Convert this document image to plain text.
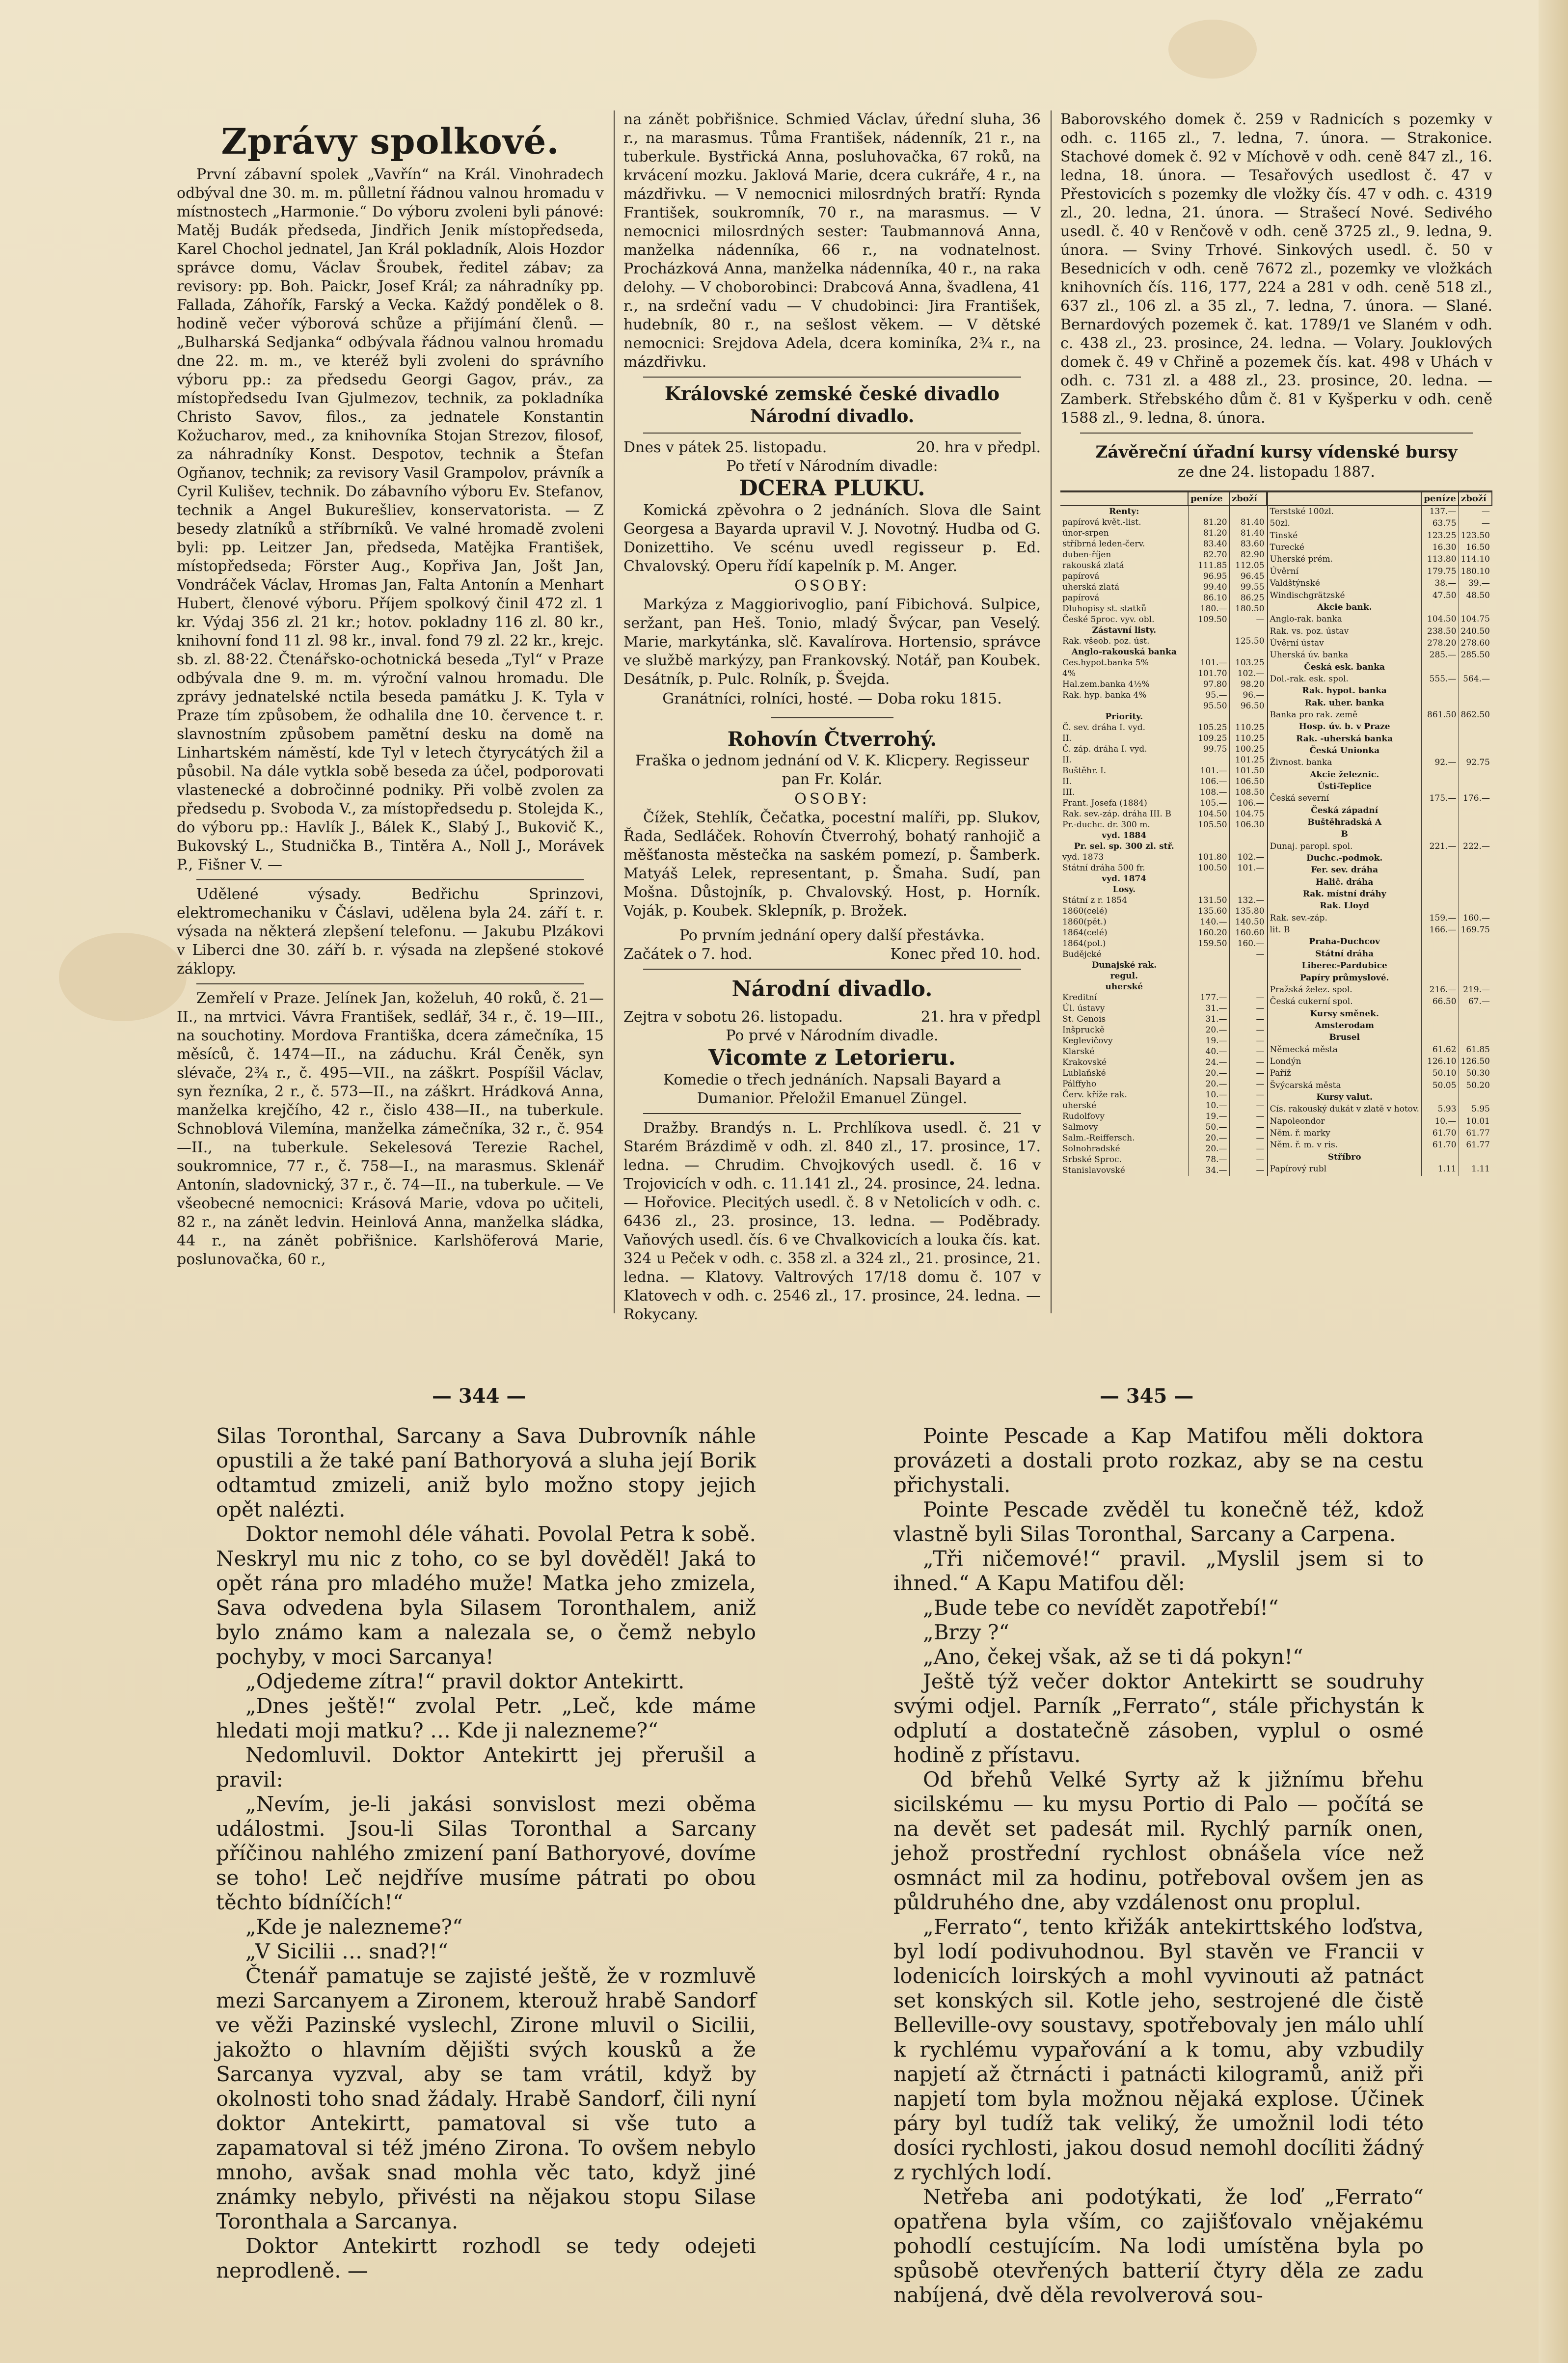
Zprávy spolkové.

První zábavní spolek „Vavřín“ na Král. Vinohradech odbýval dne 30. m. m. půlletní řádnou valnou hromadu v místnostech „Harmonie.“ Do výboru zvoleni byli pánové: Matěj Budák předseda, Jindřich Jenik místopředseda, Karel Chochol jednatel, Jan Král pokladník, Alois Hozdor správce domu, Václav Šroubek, ředitel zábav; za revisory: pp. Boh. Paickr, Josef Král; za náhradníky pp. Fallada, Záhořík, Farský a Vecka. Každý pondělek o 8. hodině večer výborová schůze a přijímání členů. — „Bulharská Sedjanka“ odbývala řádnou valnou hromadu dne 22. m. m., ve kteréž byli zvoleni do správního výboru pp.: za předsedu Georgi Gagov, práv., za místopředsedu Ivan Gjulmezov, technik, za pokladníka Christo Savov, filos., za jednatele Konstantin Kožucharov, med., za knihovníka Stojan Strezov, filosof, za náhradníky Konst. Despotov, technik a Štefan Ogňanov, technik; za revisory Vasil Grampolov, právník a Cyril Kulišev, technik. Do zábavního výboru Ev. Stefanov, technik a Angel Bukurešliev, konservatorista. — Z besedy zlatníků a stříbrníků. Ve valné hromadě zvoleni byli: pp. Leitzer Jan, předseda, Matějka František, místopředseda; Förster Aug., Kopřiva Jan, Jošt Jan, Vondráček Václav, Hromas Jan, Falta Antonín a Menhart Hubert, členové výboru. Příjem spolkový činil 472 zl. 1 kr. Výdaj 356 zl. 21 kr.; hotov. pokladny 116 zl. 80 kr., knihovní fond 11 zl. 98 kr., inval. fond 79 zl. 22 kr., krejc. sb. zl. 88·22. Čtenářsko-ochotnická beseda „Tyl“ v Praze odbývala dne 9. m. m. výroční valnou hromadu. Dle zprávy jednatelské nctila beseda památku J. K. Tyla v Praze tím způsobem, že odhalila dne 10. července t. r. slavnostním způsobem pamětní desku na domě na Linhartském náměstí, kde Tyl v letech čtyrycátých žil a působil. Na dále vytkla sobě beseda za účel, podporovati vlastenecké a dobročinné podniky. Při volbě zvolen za předsedu p. Svoboda V., za místopředsedu p. Stolejda K., do výboru pp.: Havlík J., Bálek K., Slabý J., Bukovič K., Bukovský L., Studnička B., Tintěra A., Noll J., Morávek P., Fišner V. —

Udělené výsady. Bedřichu Sprinzovi, elektromechaniku v Čáslavi, udělena byla 24. září t. r. výsada na některá zlepšení telefonu. — Jakubu Plzákovi v Liberci dne 30. září b. r. výsada na zlepšené stokové záklopy.

Zemřelí v Praze. Jelínek Jan, koželuh, 40 roků, č. 21—II., na mrtvici. Vávra František, sedlář, 34 r., č. 19—III., na souchotiny. Mordova Františka, dcera zámečníka, 15 měsíců, č. 1474—II., na záduchu. Král Čeněk, syn slévače, 2¾ r., č. 495—VII., na záškrt. Pospíšil Václav, syn řezníka, 2 r., č. 573—II., na záškrt. Hrádková Anna, manželka krejčího, 42 r., čislo 438—II., na tuberkule. Schnoblová Vilemína, manželka zámečníka, 32 r., č. 954—II., na tuberkule. Sekelesová Terezie Rachel, soukromnice, 77 r., č. 758—I., na marasmus. Sklenář Antonín, sladovnický, 37 r., č. 74—II., na tuberkule. — Ve všeobecné nemocnici: Krásová Marie, vdova po učiteli, 82 r., na zánět ledvin. Heinlová Anna, manželka sládka, 44 r., na zánět pobřišnice. Karlshöferová Marie, poslunovačka, 60 r.,

na zánět pobřišnice. Schmied Václav, úřední sluha, 36 r., na marasmus. Tůma František, nádenník, 21 r., na tuberkule. Bystřická Anna, posluhovačka, 67 roků, na krvácení mozku. Jaklová Marie, dcera cukráře, 4 r., na mázdřivku. — V nemocnici milosrdných bratří: Rynda František, soukromník, 70 r., na marasmus. — V nemocnici milosrdných sester: Taubmannová Anna, manželka nádenníka, 66 r., na vodnatelnost. Procházková Anna, manželka nádenníka, 40 r., na raka delohy. — V choborobinci: Drabcová Anna, švadlena, 41 r., na srdeční vadu — V chudobinci: Jira František, hudebník, 80 r., na sešlost věkem. — V dětské nemocnici: Srejdova Adela, dcera kominíka, 2¾ r., na mázdřivku.

Královské zemské české divadlo
Národní divadlo.
Dnes v pátek 25. listopadu.	20. hra v předpl.
Po třetí v Národním divadle:
DCERA PLUKU.

Komická zpěvohra o 2 jednáních. Slova dle Saint Georgesa a Bayarda upravil V. J. Novotný. Hudba od G. Donizettiho. Ve scénu uvedl regisseur p. Ed. Chvalovský. Operu řídí kapelník p. M. Anger.

OSOBY:

Markýza z Maggiorivoglio, paní Fibichová. Sulpice, seržant, pan Heš. Tonio, mladý Švýcar, pan Veselý. Marie, markytánka, slč. Kavalírova. Hortensio, správce ve službě markýzy, pan Frankovský. Notář, pan Koubek. Desátník, p. Pulc. Rolník, p. Švejda.

Granátníci, rolníci, hosté. — Doba roku 1815.
Rohovín Čtverrohý.

Fraška o jednom jednání od V. K. Klicpery. Regisseur pan Fr. Kolár.

OSOBY:

Čížek, Stehlík, Čečatka, pocestní malíři, pp. Slukov, Řada, Sedláček. Rohovín Čtverrohý, bohatý ranhojič a měšťanosta městečka na saském pomezí, p. Šamberk. Matyáš Lelek, representant, p. Šmaha. Sudí, pan Mošna. Důstojník, p. Chvalovský. Host, p. Horník. Voják, p. Koubek. Sklepník, p. Brožek.

Po prvním jednání opery další přestávka.
Začátek o 7. hod.	Konec před 10. hod.
Národní divadlo.
Zejtra v sobotu 26. listopadu.	21. hra v předpl
Po prvé v Národním divadle.
Vicomte z Letorieru.

Komedie o třech jednáních. Napsali Bayard a Dumanior. Přeložil Emanuel Züngel.

Dražby. Brandýs n. L. Prchlíkova usedl. č. 21 v Starém Brázdimě v odh. zl. 840 zl., 17. prosince, 17. ledna. — Chrudim. Chvojkových usedl. č. 16 v Trojovicích v odh. c. 11.141 zl., 24. prosince, 24. ledna. — Hořovice. Plecitých usedl. č. 8 v Netolicích v odh. c. 6436 zl., 23. prosince, 13. ledna. — Poděbrady. Vaňových usedl. čís. 6 ve Chvalkovicích a louka čís. kat. 324 u Peček v odh. c. 358 zl. a 324 zl., 21. prosince, 21. ledna. — Klatovy. Valtrových 17/18 domu č. 107 v Klatovech v odh. c. 2546 zl., 17. prosince, 24. ledna. — Rokycany.

Baborovského domek č. 259 v Radnicích s pozemky v odh. c. 1165 zl., 7. ledna, 7. února. — Strakonice. Stachové domek č. 92 v Míchově v odh. ceně 847 zl., 16. ledna, 18. února. — Tesařových usedlost č. 47 v Přestovicích s pozemky dle vložky čís. 47 v odh. c. 4319 zl., 20. ledna, 21. února. — Strašecí Nové. Sedivého usedl. č. 40 v Renčově v odh. ceně 3725 zl., 9. ledna, 9. února. — Sviny Trhové. Sinkových usedl. č. 50 v Besednicích v odh. ceně 7672 zl., pozemky ve vložkách knihovních čís. 116, 177, 224 a 281 v odh. ceně 518 zl., 637 zl., 106 zl. a 35 zl., 7. ledna, 7. února. — Slané. Bernardových pozemek č. kat. 1789/1 ve Slaném v odh. c. 438 zl., 23. prosince, 24. ledna. — Volary. Jouklových domek č. 49 v Chřině a pozemek čís. kat. 498 v Uhách v odh. c. 731 zl. a 488 zl., 23. prosince, 20. ledna. — Zamberk. Střebského dům č. 81 v Kyšperku v odh. ceně 1588 zl., 9. ledna, 8. února.

Závěreční úřadní kursy vídenské bursy
ze dne 24. listopadu 1887.
	peníze	zboží
Renty:		
papírová květ.-list.	81.20	81.40
únor-srpen	81.20	81.40
stříbrná leden-červ.	83.40	83.60
duben-říjen	82.70	82.90
rakouská zlatá	111.85	112.05
papírová	96.95	96.45
uherská zlatá	99.40	99.55
papírová	86.10	86.25
Dluhopisy st. statků	180.—	180.50

České 5proc. vyv. obl.	109.50	—
Zástavní listy.		
Rak. všeob. poz. úst.		125.50
Anglo-rakouská banka		
Ces.hypot.banka 5%	101.—	103.25
4%	101.70	102.—
Hal.zem.banka 4½%	97.80	98.20
Rak. hyp. banka 4%	95.—	96.—
	95.50	96.50
Priority.		
Č. sev. dráha I. vyd.	105.25	110.25
II.	109.25	110.25
Č. záp. dráha I. vyd.	99.75	100.25
II.		101.25
Buštěhr. I.	101.—	101.50
II.	106.—	106.50
III.	108.—	108.50
Frant. Josefa (1884)	105.—	106.—
Rak. sev.-záp. dráha III. B	104.50	104.75
Pr.-duchc. dr. 300 m.	105.50	106.30
vyd. 1884		
Pr. sel. sp. 300 zl. stř.		
vyd. 1873	101.80	102.—
Státní dráha 500 fr.	100.50	101.—
vyd. 1874		
Losy.		
Státní z r. 1854	131.50	132.—
1860(celé)	135.60	135.80
1860(pět.)	140.—	140.50
1864(celé)	160.20	160.60
1864(pol.)	159.50	160.—
Budějcké		—
Dunajské rak.		
regul.		
uherské		
Kreditní	177.—	—
Úl. ústavy	31.—	—
St. Genois	31.—	—
Inšpruckě	20.—	—
Keglevičovy	19.—	—
Klarské	40.—	—
Krakovské	24.—	—
Lublaňské	20.—	—
Pálffyho	20.—	—
Červ. kříže rak.	10.—	—
uherské	10.—	—
Rudolfovy	19.—	—
Salmovy	50.—	—
Salm.-Reiffersch.	20.—	—
Solnohradské	20.—	—
Srbské Sproc.	78.—	—
Stanislavovské	34.—	—
	peníze	zboží
Terstské 100zl.	137.—	—
50zl.	63.75	—
Tinské	123.25	123.50
Turecké	16.30	16.50
Uherské prém.	113.80	114.10
Úvěrní	179.75	180.10
Valdštýnské	38.—	39.—
Windischgrätzské	47.50	48.50

Akcie bank.		
Anglo-rak. banka	104.50	104.75
Rak. vs. poz. ústav	238.50	240.50
Úvěrní ústav	278.20	278.60
Uherská úv. banka	285.—	285.50
Česká esk. banka		
Dol.-rak. esk. spol.	555.—	564.—
Rak. hypot. banka		
Rak. uher. banka		
Banka pro rak. země	861.50	862.50
Hosp. úv. b. v Praze		
Rak. -uherská banka		
Česká Unionka		
Živnost. banka	92.—	92.75

Akcie železnic.		
Ústi-Teplice		
Česká severní	175.—	176.—
Česká západní		
Buštěhradská A		
B		
Dunaj. paropl. spol.	221.—	222.—
Duchc.-podmok.		
Fer. sev. dráha		
Halič. dráha		
Rak. místní dráhy		
Rak. Lloyd		
Rak. sev.-záp.	159.—	160.—
lit. B	166.—	169.75
Praha-Duchcov		
Státní dráha		
Liberec-Pardubice		

Papíry průmyslové.		
Pražská želez. spol.	216.—	219.—
Česká cukerní spol.	66.50	67.—

Kursy směnek.		
Amsterodam		
Brusel		
Německá města	61.62	61.85
Londýn	126.10	126.50
Paříž	50.10	50.30
Švýcarská města	50.05	50.20

Kursy valut.		
Cís. rakouský dukát v zlatě v hotov.	5.93	5.95
Napoleondor	10.—	10.01
Něm. ř. marky	61.70	61.77
Něm. ř. m. v ris.	61.70	61.77
Stříbro		
Papírový rubl	1.11	1.11
— 344 —	— 345 —

Silas Toronthal, Sarcany a Sava Dubrovník náhle opustili a že také paní Bathoryová a sluha její Borik odtamtud zmizeli, aniž bylo možno stopy jejich opět nalézti.

Doktor nemohl déle váhati. Povolal Petra k sobě. Neskryl mu nic z toho, co se byl dověděl! Jaká to opět rána pro mladého muže! Matka jeho zmizela, Sava odvedena byla Silasem Toronthalem, aniž bylo známo kam a nalezala se, o čemž nebylo pochyby, v moci Sarcanya!

„Odjedeme zítra!“ pravil doktor Antekirtt.

„Dnes ještě!“ zvolal Petr. „Leč, kde máme hledati moji matku? … Kde ji nalezneme?“

Nedomluvil. Doktor Antekirtt jej přerušil a pravil:

„Nevím, je-li jakási sonvislost mezi oběma událostmi. Jsou-li Silas Toronthal a Sarcany příčinou nahlého zmizení paní Bathoryové, dovíme se toho! Leč nejdříve musíme pátrati po obou těchto bídníčích!“

„Kde je nalezneme?“

„V Sicilii … snad?!“

Čtenář pamatuje se zajisté ještě, že v rozmluvě mezi Sarcanyem a Zironem, kterouž hrabě Sandorf ve věži Pazinské vyslechl, Zirone mluvil o Sicilii, jakožto o hlavním dějišti svých kousků a že Sarcanya vyzval, aby se tam vrátil, když by okolnosti toho snad žádaly. Hrabě Sandorf, čili nyní doktor Antekirtt, pamatoval si vše tuto a zapamatoval si též jméno Zirona. To ovšem nebylo mnoho, avšak snad mohla věc tato, když jiné známky nebylo, přivésti na nějakou stopu Silase Toronthala a Sarcanya.

Doktor Antekirtt rozhodl se tedy odejeti neprodleně. —

Pointe Pescade a Kap Matifou měli doktora provázeti a dostali proto rozkaz, aby se na cestu přichystali.

Pointe Pescade zvěděl tu konečně též, kdož vlastně byli Silas Toronthal, Sarcany a Carpena.

„Tři ničemové!“ pravil. „Myslil jsem si to ihned.“ A Kapu Matifou děl:

„Bude tebe co nevídět zapotřebí!“

„Brzy ?“

„Ano, čekej však, až se ti dá pokyn!“

Ještě týž večer doktor Antekirtt se soudruhy svými odjel. Parník „Ferrato“, stále přichystán k odplutí a dostatečně zásoben, vyplul o osmé hodině z přístavu.

Od břehů Velké Syrty až k jižnímu břehu sicilskému — ku mysu Portio di Palo — počítá se na devět set padesát mil. Rychlý parník onen, jehož prostřední rychlost obnášela více než osmnáct mil za hodinu, potřeboval ovšem jen as půldruhého dne, aby vzdálenost onu proplul.

„Ferrato“, tento křižák antekirttského loďstva, byl lodí podivuhodnou. Byl stavěn ve Francii v lodenicích loirských a mohl vyvinouti až patnáct set konských sil. Kotle jeho, sestrojené dle čistě Belleville-ovy soustavy, spotřebovaly jen málo uhlí k rychlému vypařování a k tomu, aby vzbudily napjetí až čtrnácti i patnácti kilogramů, aniž při napjetí tom byla možnou nějaká explose. Účinek páry byl tudíž tak veliký, že umožnil lodi této dosíci rychlosti, jakou dosud nemohl docíliti žádný z rychlých lodí.

Netřeba ani podotýkati, že loď „Ferrato“ opatřena byla vším, co zajišťovalo vnějakému pohodlí cestujícím. Na lodi umístěna byla po spůsobě otevřených batterií čtyry děla ze zadu nabíjená, dvě děla revolverová sou-
